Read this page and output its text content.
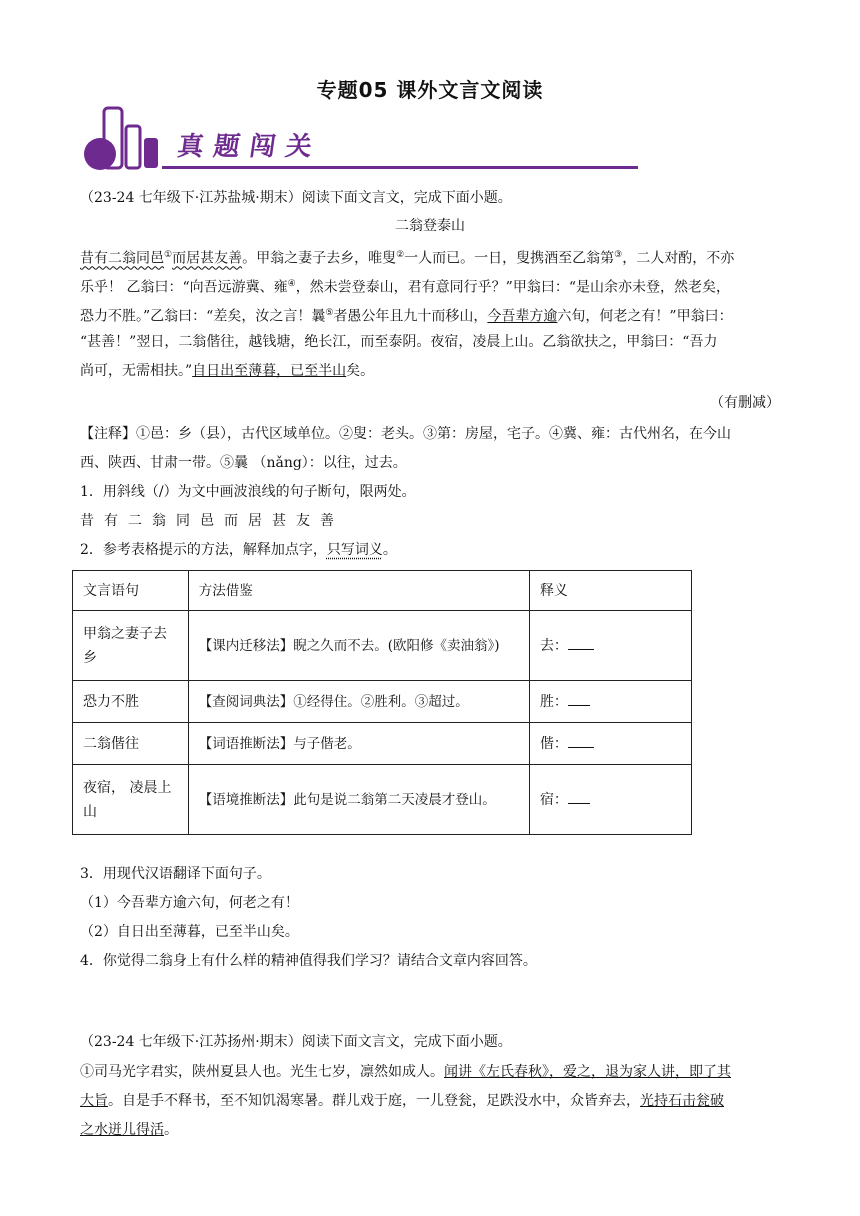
专题05 课外文言文阅读
真题闯关
（23-24 七年级下·江苏盐城·期末）阅读下面文言文，完成下面小题。
二翁登泰山
昔有二翁同邑①而居甚友善。甲翁之妻子去乡，唯叟②一人而已。一日，叟携酒至乙翁第③，二人对酌，不亦
乐乎！ 乙翁曰：“向吾远游冀、雍④，然未尝登泰山，君有意同行乎？”甲翁曰：“是山余亦未登，然老矣，
恐力不胜。”乙翁曰：“差矣，汝之言！曩⑤者愚公年且九十而移山，今吾辈方逾六旬，何老之有！”甲翁曰：
“甚善！”翌日，二翁偕往，越钱塘，绝长江，而至泰阴。夜宿，凌晨上山。乙翁欲扶之，甲翁曰：“吾力
尚可，无需相扶。”自日出至薄暮，已至半山矣。
（有删减）
【注释】①邑：乡（县），古代区域单位。②叟：老头。③第：房屋，宅子。④冀、雍：古代州名，在今山
西、陕西、甘肃一带。⑤曩 （nǎng）：以往，过去。
1．用斜线（/）为文中画波浪线的句子断句，限两处。
昔 有 二 翁 同 邑 而 居 甚 友 善
2．参考表格提示的方法，解释加点字，只写词义。
文言语句	方法借鉴	释义
甲翁之妻子去乡	【课内迁移法】睨之久而不去。(欧阳修《卖油翁》)	去：
恐力不胜	【查阅词典法】①经得住。②胜利。③超过。	胜：
二翁偕往	【词语推断法】与子偕老。	偕：
夜宿， 凌晨上山	【语境推断法】此句是说二翁第二天凌晨才登山。	宿：
3．用现代汉语翻译下面句子。
（1）今吾辈方逾六旬，何老之有！
（2）自日出至薄暮，已至半山矣。
4．你觉得二翁身上有什么样的精神值得我们学习？请结合文章内容回答。
（23-24 七年级下·江苏扬州·期末）阅读下面文言文，完成下面小题。
①司马光字君实，陕州夏县人也。光生七岁，凛然如成人。闻讲《左氏春秋》，爱之，退为家人讲，即了其
大旨。自是手不释书，至不知饥渴寒暑。群儿戏于庭，一儿登瓮，足跌没水中，众皆弃去，光持石击瓮破
之水迸儿得活。
